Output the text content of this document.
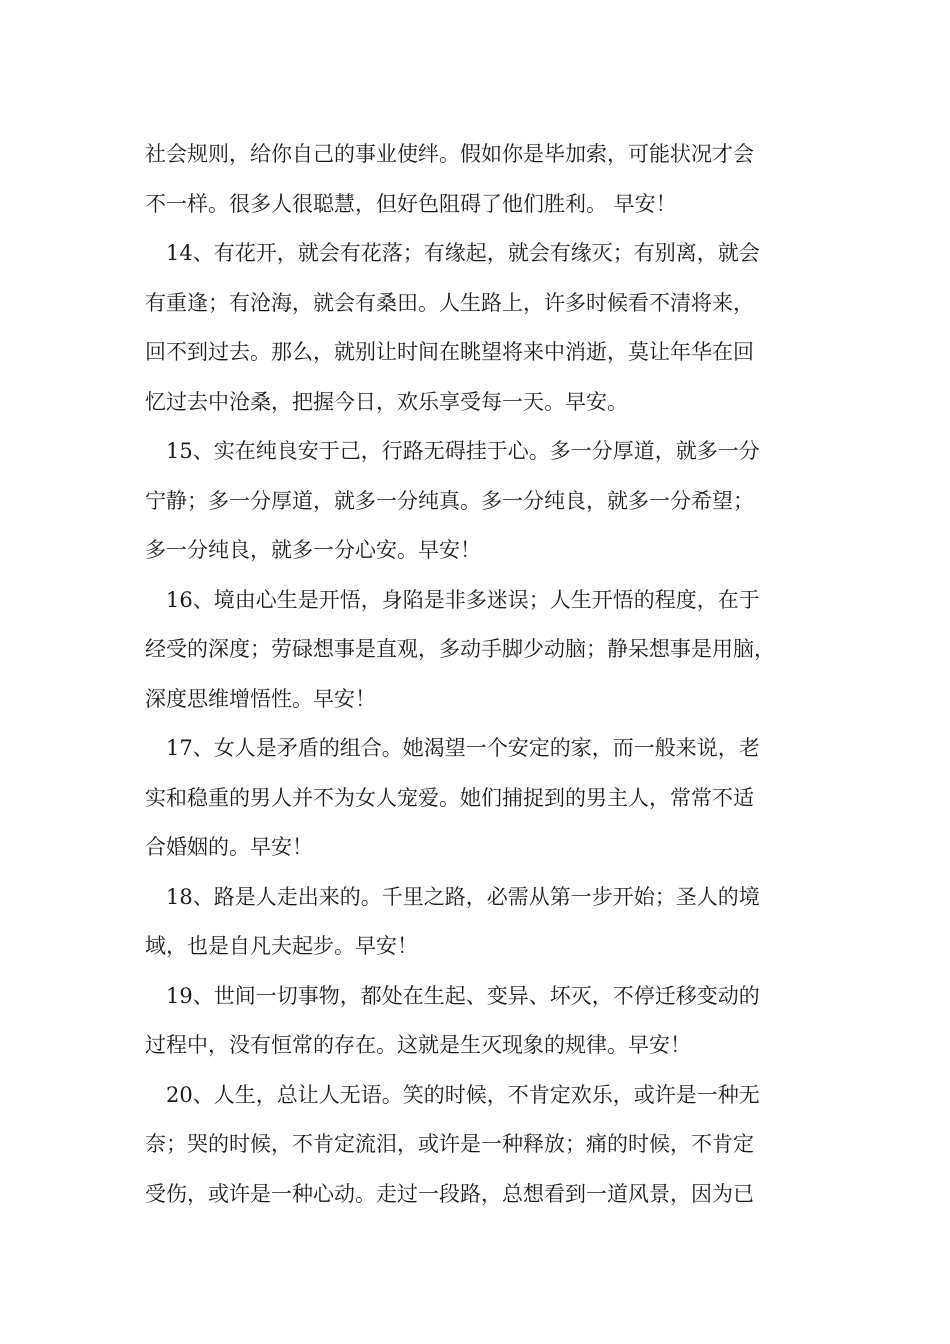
社会规则，给你自己的事业使绊。假如你是毕加索，可能状况才会
不一样。很多人很聪慧，但好色阻碍了他们胜利。 早安！
14、有花开，就会有花落；有缘起，就会有缘灭；有别离，就会
有重逢；有沧海，就会有桑田。人生路上，许多时候看不清将来，
回不到过去。那么，就别让时间在眺望将来中消逝，莫让年华在回
忆过去中沧桑，把握今日，欢乐享受每一天。早安。
15、实在纯良安于己，行路无碍挂于心。多一分厚道，就多一分
宁静；多一分厚道，就多一分纯真。多一分纯良，就多一分希望；
多一分纯良，就多一分心安。早安！
16、境由心生是开悟，身陷是非多迷误；人生开悟的程度，在于
经受的深度；劳碌想事是直观，多动手脚少动脑；静呆想事是用脑，
深度思维增悟性。早安！
17、女人是矛盾的组合。她渴望一个安定的家，而一般来说，老
实和稳重的男人并不为女人宠爱。她们捕捉到的男主人，常常不适
合婚姻的。早安！
18、路是人走出来的。千里之路，必需从第一步开始；圣人的境
域，也是自凡夫起步。早安！
19、世间一切事物，都处在生起、变异、坏灭，不停迁移变动的
过程中，没有恒常的存在。这就是生灭现象的规律。早安！
20、人生，总让人无语。笑的时候，不肯定欢乐，或许是一种无
奈；哭的时候，不肯定流泪，或许是一种释放；痛的时候，不肯定
受伤，或许是一种心动。走过一段路，总想看到一道风景，因为已
